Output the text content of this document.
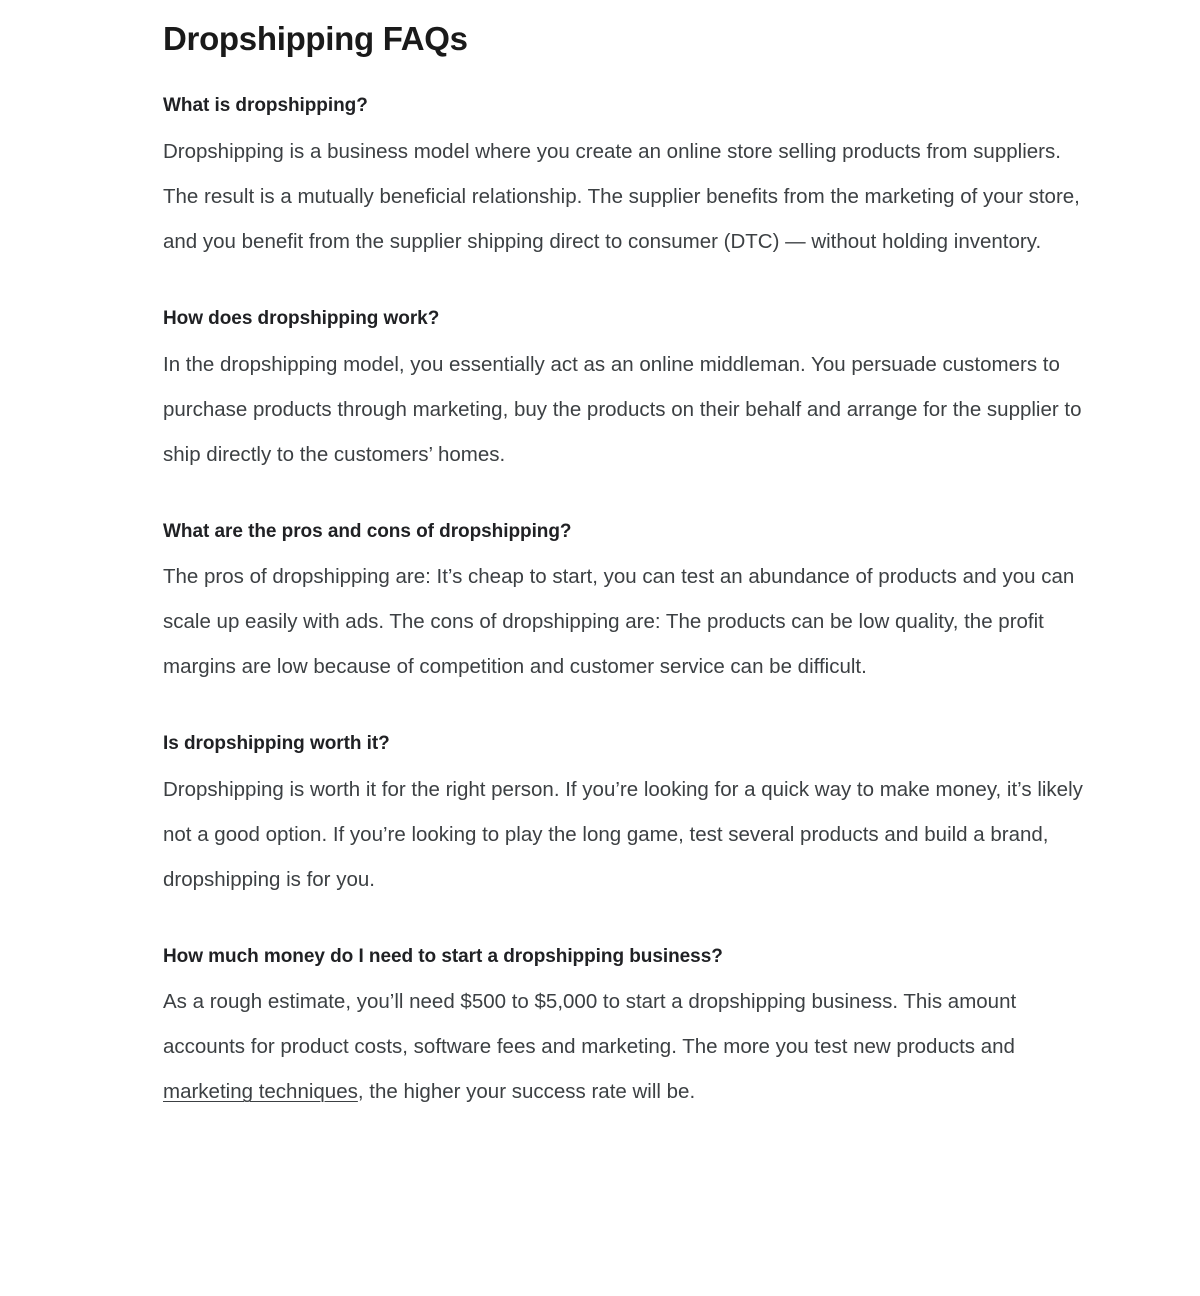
Dropshipping FAQs
What is dropshipping?

Dropshipping is a business model where you create an online store selling products from suppliers. The result is a mutually beneficial relationship. The supplier benefits from the marketing of your store, and you benefit from the supplier shipping direct to consumer (DTC) — without holding inventory.

How does dropshipping work?

In the dropshipping model, you essentially act as an online middleman. You persuade customers to purchase products through marketing, buy the products on their behalf and arrange for the supplier to ship directly to the customers’ homes.

What are the pros and cons of dropshipping?

The pros of dropshipping are: It’s cheap to start, you can test an abundance of products and you can scale up easily with ads. The cons of dropshipping are: The products can be low quality, the profit margins are low because of competition and customer service can be difficult.

Is dropshipping worth it?

Dropshipping is worth it for the right person. If you’re looking for a quick way to make money, it’s likely not a good option. If you’re looking to play the long game, test several products and build a brand, dropshipping is for you.

How much money do I need to start a dropshipping business?

As a rough estimate, you’ll need $500 to $5,000 to start a dropshipping business. This amount accounts for product costs, software fees and marketing. The more you test new products and marketing techniques, the higher your success rate will be.
